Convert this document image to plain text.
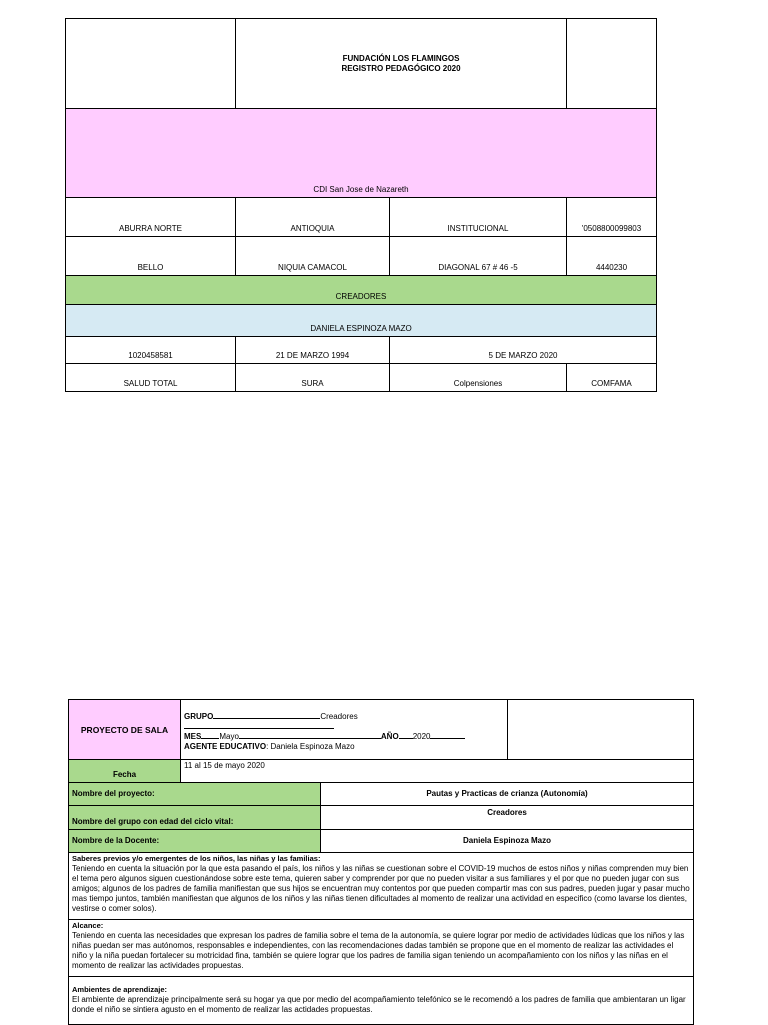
	FUNDACIÓN LOS FLAMINGOS
REGISTRO PEDAGÓGICO 2020		

CDI San Jose de Nazareth			
ABURRA NORTE	ANTIOQUIA	INSTITUCIONAL	'0508800099803
BELLO	NIQUIA CAMACOL	DIAGONAL 67 # 46 -5	4440230
CREADORES			
DANIELA ESPINOZA MAZO			
1020458581	21 DE MARZO 1994	5 DE MARZO 2020	
SALUD TOTAL	SURA	Colpensiones	COMFAMA
PROYECTO DE SALA	GRUPO Creadores
MES Mayo AÑO 2020
AGENTE EDUCATIVO: Daniela Espinoza Mazo		

Fecha	11 al 15 de mayo 2020		
Nombre del proyecto:		Pautas y Practicas de crianza (Autonomía)	
Nombre del grupo con edad del ciclo vital:		Creadores	
Nombre de la Docente:		Daniela Espinoza Mazo	
Saberes previos y/o emergentes de los niños, las niñas y las familias:
Teniendo en cuenta la situación por la que esta pasando el país, los niños y las niñas se cuestionan sobre el COVID-19 muchos de estos niños y niñas comprenden muy bien el tema pero algunos siguen cuestionándose sobre este tema, quieren saber y comprender por que no pueden visitar a sus familiares y el por que no pueden jugar con sus amigos; algunos de los padres de familia manifiestan que sus hijos se encuentran muy contentos por que pueden compartir mas con sus padres, pueden jugar y pasar mucho mas tiempo juntos, también manifiestan que algunos de los niños y las niñas tienen dificultades al momento de realizar una actividad en especifico (como lavarse los dientes, vestirse o comer solos).			
Alcance:
Teniendo en cuenta las necesidades que expresan los padres de familia sobre el tema de la autonomía, se quiere lograr por medio de actividades lúdicas que los niños y las niñas puedan ser mas autónomos, responsables e independientes, con las recomendaciones dadas también se propone que en el momento de realizar las actividades el niño y la niña puedan fortalecer su motricidad fina, también se quiere lograr que los padres de familia sigan teniendo un acompañamiento con los niños y las niñas en el momento de realizar las actividades propuestas.			
Ambientes de aprendizaje:
El ambiente de aprendizaje principalmente será su hogar ya que por medio del acompañamiento telefónico se le recomendó a los padres de familia que ambientaran un ligar donde el niño se sintiera agusto en el momento de realizar las actidades propuestas.			
